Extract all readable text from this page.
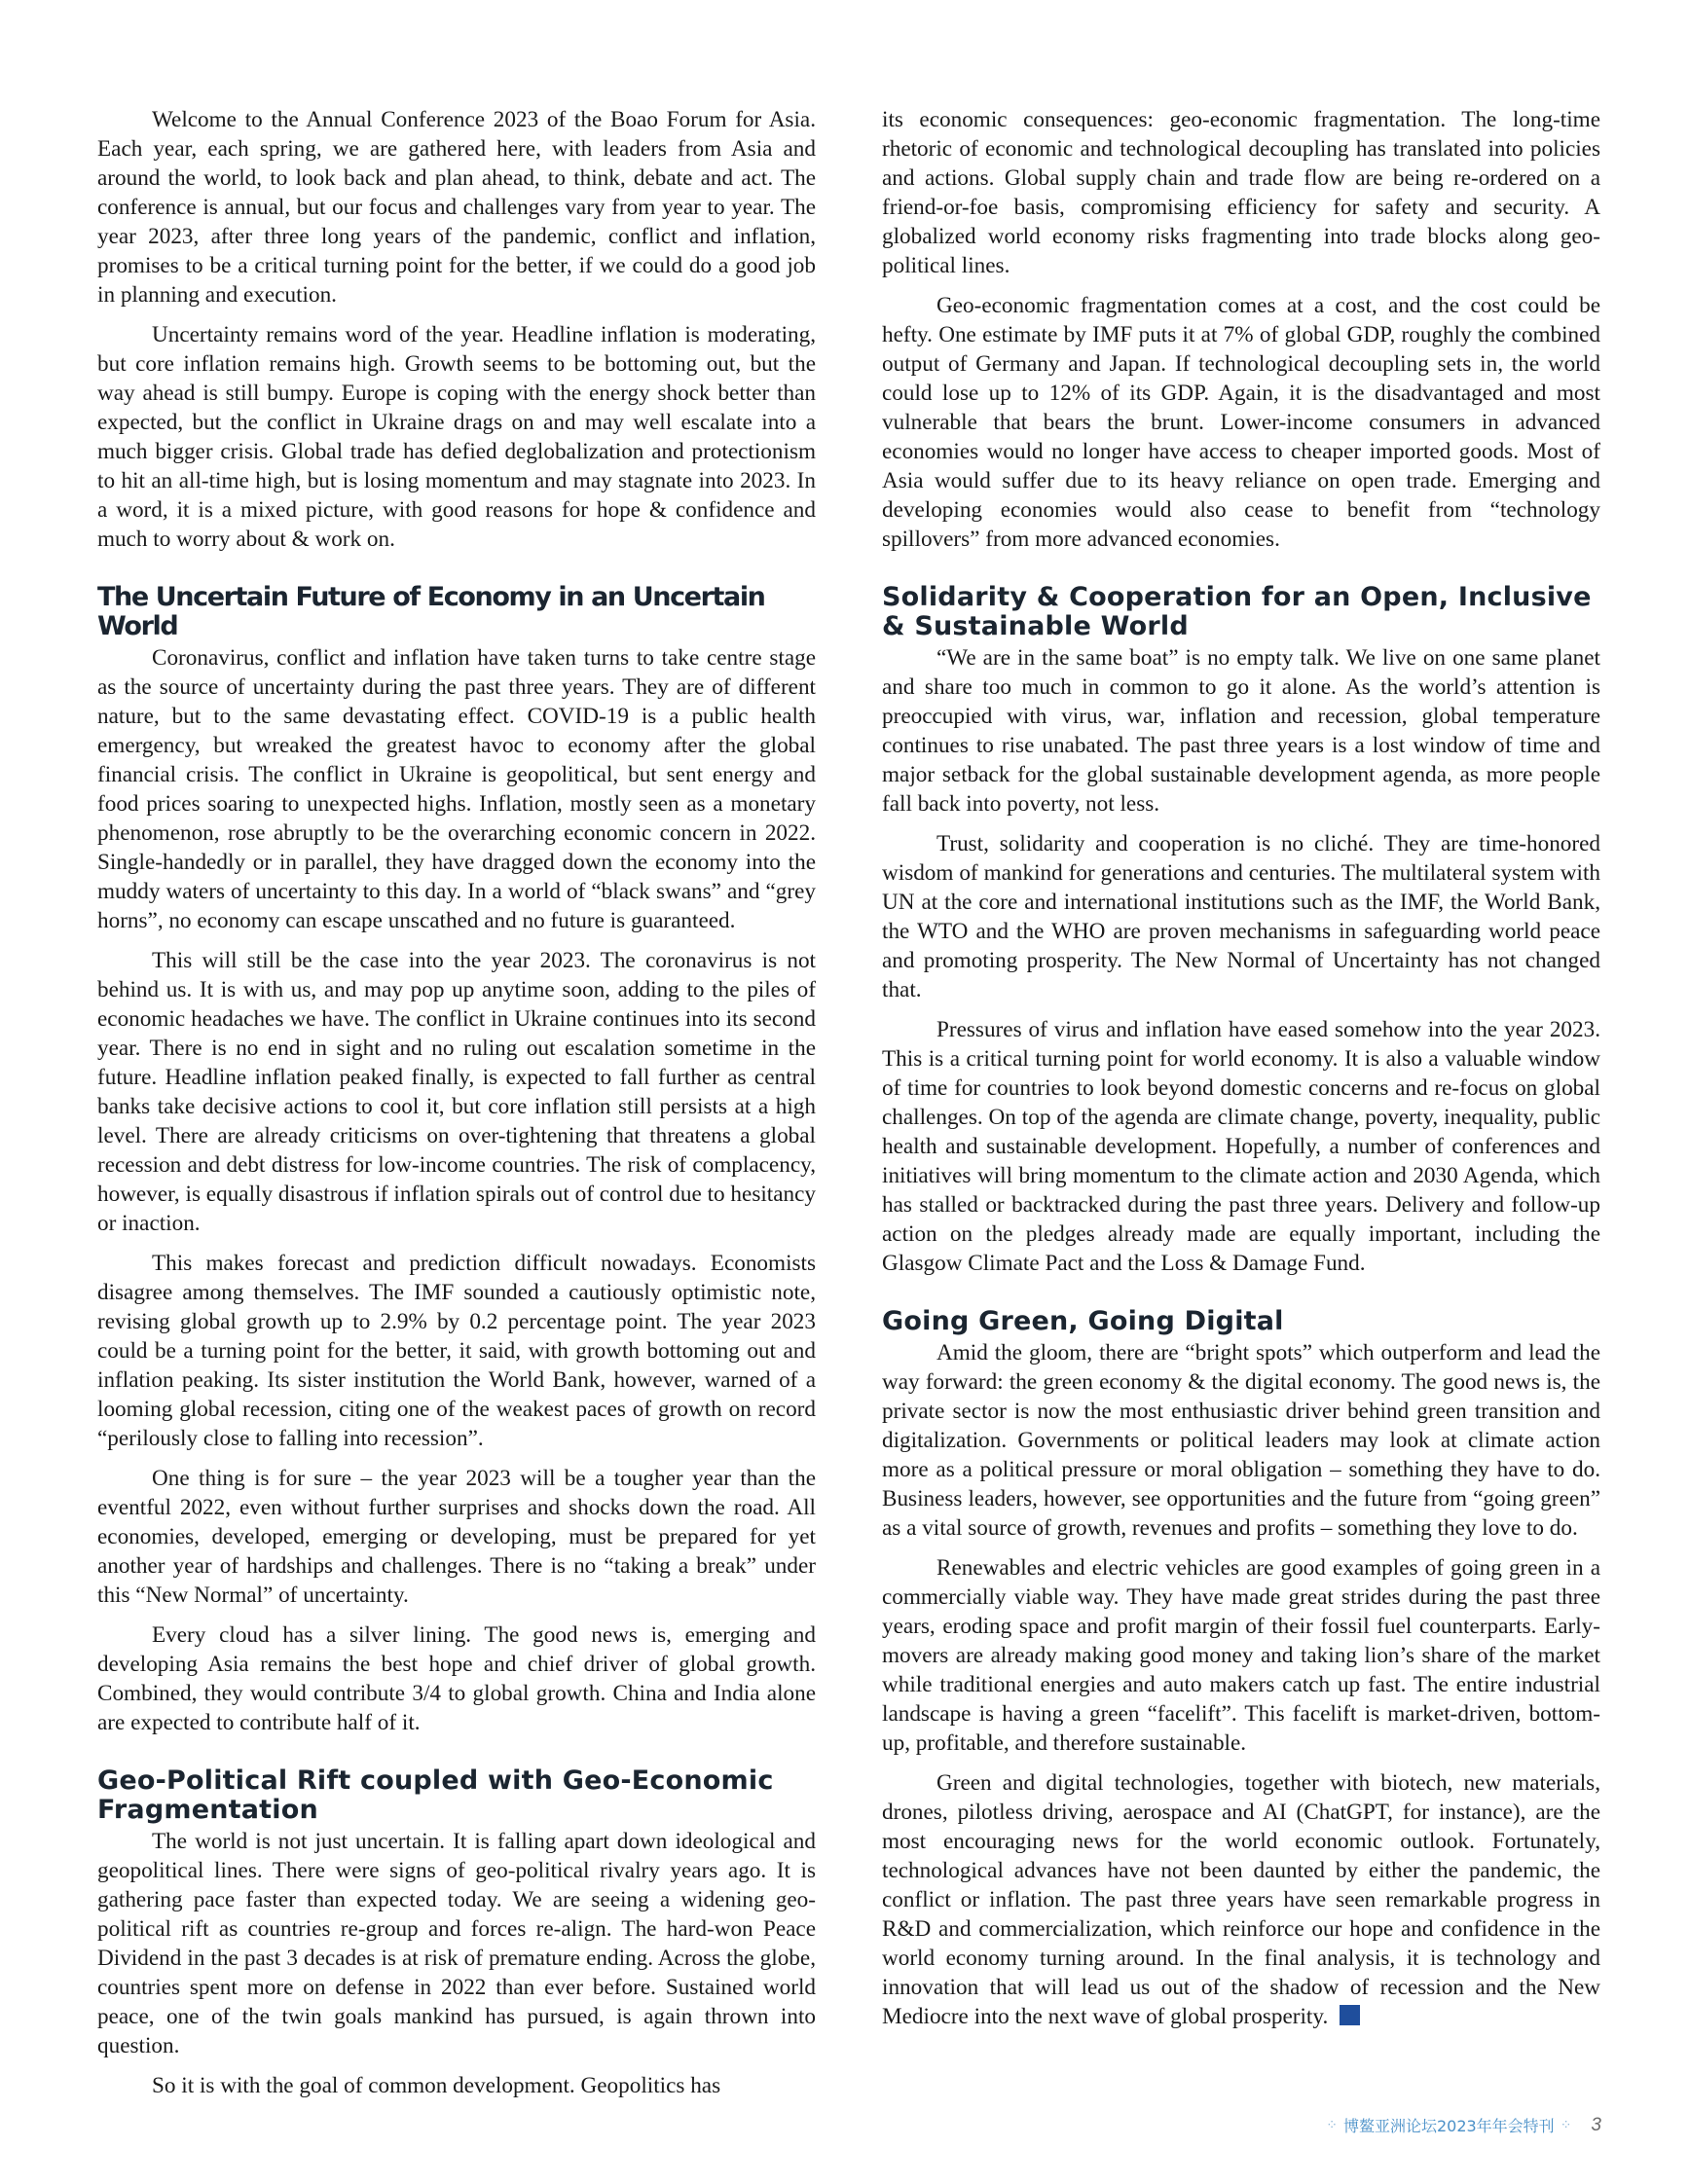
Welcome to the Annual Conference 2023 of the Boao Forum for Asia. Each year, each spring, we are gathered here, with leaders from Asia and around the world, to look back and plan ahead, to think, debate and act. The conference is annual, but our focus and challenges vary from year to year. The year 2023, after three long years of the pandemic, conflict and inflation, promises to be a critical turning point for the better, if we could do a good job in planning and execution.

Uncertainty remains word of the year. Headline inflation is moderating, but core inflation remains high. Growth seems to be bottoming out, but the way ahead is still bumpy. Europe is coping with the energy shock better than expected, but the conflict in Ukraine drags on and may well escalate into a much bigger crisis. Global trade has defied deglobalization and protectionism to hit an all-time high, but is losing momentum and may stagnate into 2023. In a word, it is a mixed picture, with good reasons for hope & confidence and much to worry about & work on.

The Uncertain Future of Economy in an Uncertain World

Coronavirus, conflict and inflation have taken turns to take centre stage as the source of uncertainty during the past three years. They are of different nature, but to the same devastating effect. COVID-19 is a public health emergency, but wreaked the greatest havoc to economy after the global financial crisis. The conflict in Ukraine is geopolitical, but sent energy and food prices soaring to unexpected highs. Inflation, mostly seen as a monetary phenomenon, rose abruptly to be the overarching economic concern in 2022. Single-handedly or in parallel, they have dragged down the economy into the muddy waters of uncertainty to this day. In a world of “black swans” and “grey horns”, no economy can escape unscathed and no future is guaranteed.

This will still be the case into the year 2023. The coronavirus is not behind us. It is with us, and may pop up anytime soon, adding to the piles of economic headaches we have. The conflict in Ukraine continues into its second year. There is no end in sight and no ruling out escalation sometime in the future. Headline inflation peaked finally, is expected to fall further as central banks take decisive actions to cool it, but core inflation still persists at a high level. There are already criticisms on over-tightening that threatens a global recession and debt distress for low-income countries. The risk of complacency, however, is equally disastrous if inflation spirals out of control due to hesitancy or inaction.

This makes forecast and prediction difficult nowadays. Economists disagree among themselves. The IMF sounded a cautiously optimistic note, revising global growth up to 2.9% by 0.2 percentage point. The year 2023 could be a turning point for the better, it said, with growth bottoming out and inflation peaking. Its sister institution the World Bank, however, warned of a looming global recession, citing one of the weakest paces of growth on record “perilously close to falling into recession”.

One thing is for sure – the year 2023 will be a tougher year than the eventful 2022, even without further surprises and shocks down the road. All economies, developed, emerging or developing, must be prepared for yet another year of hardships and challenges. There is no “taking a break” under this “New Normal” of uncertainty.

Every cloud has a silver lining. The good news is, emerging and developing Asia remains the best hope and chief driver of global growth. Combined, they would contribute 3/4 to global growth. China and India alone are expected to contribute half of it.

Geo-Political Rift coupled with Geo-Economic Fragmentation

The world is not just uncertain. It is falling apart down ideological and geopolitical lines. There were signs of geo-political rivalry years ago. It is gathering pace faster than expected today. We are seeing a widening geo-political rift as countries re-group and forces re-align. The hard-won Peace Dividend in the past 3 decades is at risk of premature ending. Across the globe, countries spent more on defense in 2022 than ever before. Sustained world peace, one of the twin goals mankind has pursued, is again thrown into question.

So it is with the goal of common development. Geopolitics has

its economic consequences: geo-economic fragmentation. The long-time rhetoric of economic and technological decoupling has translated into policies and actions. Global supply chain and trade flow are being re-ordered on a friend-or-foe basis, compromising efficiency for safety and security. A globalized world economy risks fragmenting into trade blocks along geo-political lines.

Geo-economic fragmentation comes at a cost, and the cost could be hefty. One estimate by IMF puts it at 7% of global GDP, roughly the combined output of Germany and Japan. If technological decoupling sets in, the world could lose up to 12% of its GDP. Again, it is the disadvantaged and most vulnerable that bears the brunt. Lower-income consumers in advanced economies would no longer have access to cheaper imported goods. Most of Asia would suffer due to its heavy reliance on open trade. Emerging and developing economies would also cease to benefit from “technology spillovers” from more advanced economies.

Solidarity & Cooperation for an Open, Inclusive & Sustainable World

“We are in the same boat” is no empty talk. We live on one same planet and share too much in common to go it alone. As the world’s attention is preoccupied with virus, war, inflation and recession, global temperature continues to rise unabated. The past three years is a lost window of time and major setback for the global sustainable development agenda, as more people fall back into poverty, not less.

Trust, solidarity and cooperation is no cliché. They are time-honored wisdom of mankind for generations and centuries. The multilateral system with UN at the core and international institutions such as the IMF, the World Bank, the WTO and the WHO are proven mechanisms in safeguarding world peace and promoting prosperity. The New Normal of Uncertainty has not changed that.

Pressures of virus and inflation have eased somehow into the year 2023. This is a critical turning point for world economy. It is also a valuable window of time for countries to look beyond domestic concerns and re-focus on global challenges. On top of the agenda are climate change, poverty, inequality, public health and sustainable development. Hopefully, a number of conferences and initiatives will bring momentum to the climate action and 2030 Agenda, which has stalled or backtracked during the past three years. Delivery and follow-up action on the pledges already made are equally important, including the Glasgow Climate Pact and the Loss & Damage Fund.

Going Green, Going Digital

Amid the gloom, there are “bright spots” which outperform and lead the way forward: the green economy & the digital economy. The good news is, the private sector is now the most enthusiastic driver behind green transition and digitalization. Governments or political leaders may look at climate action more as a political pressure or moral obligation – something they have to do. Business leaders, however, see opportunities and the future from “going green” as a vital source of growth, revenues and profits – something they love to do.

Renewables and electric vehicles are good examples of going green in a commercially viable way. They have made great strides during the past three years, eroding space and profit margin of their fossil fuel counterparts. Early-movers are already making good money and taking lion’s share of the market while traditional energies and auto makers catch up fast. The entire industrial landscape is having a green “facelift”. This facelift is market-driven, bottom-up, profitable, and therefore sustainable.

Green and digital technologies, together with biotech, new materials, drones, pilotless driving, aerospace and AI (ChatGPT, for instance), are the most encouraging news for the world economic outlook. Fortunately, technological advances have not been daunted by either the pandemic, the conflict or inflation. The past three years have seen remarkable progress in R&D and commercialization, which reinforce our hope and confidence in the world economy turning around. In the final analysis, it is technology and innovation that will lead us out of the shadow of recession and the New Mediocre into the next wave of global prosperity.

⁘ 博鳌亚洲论坛2023年年会特刊 ⁘ 3
